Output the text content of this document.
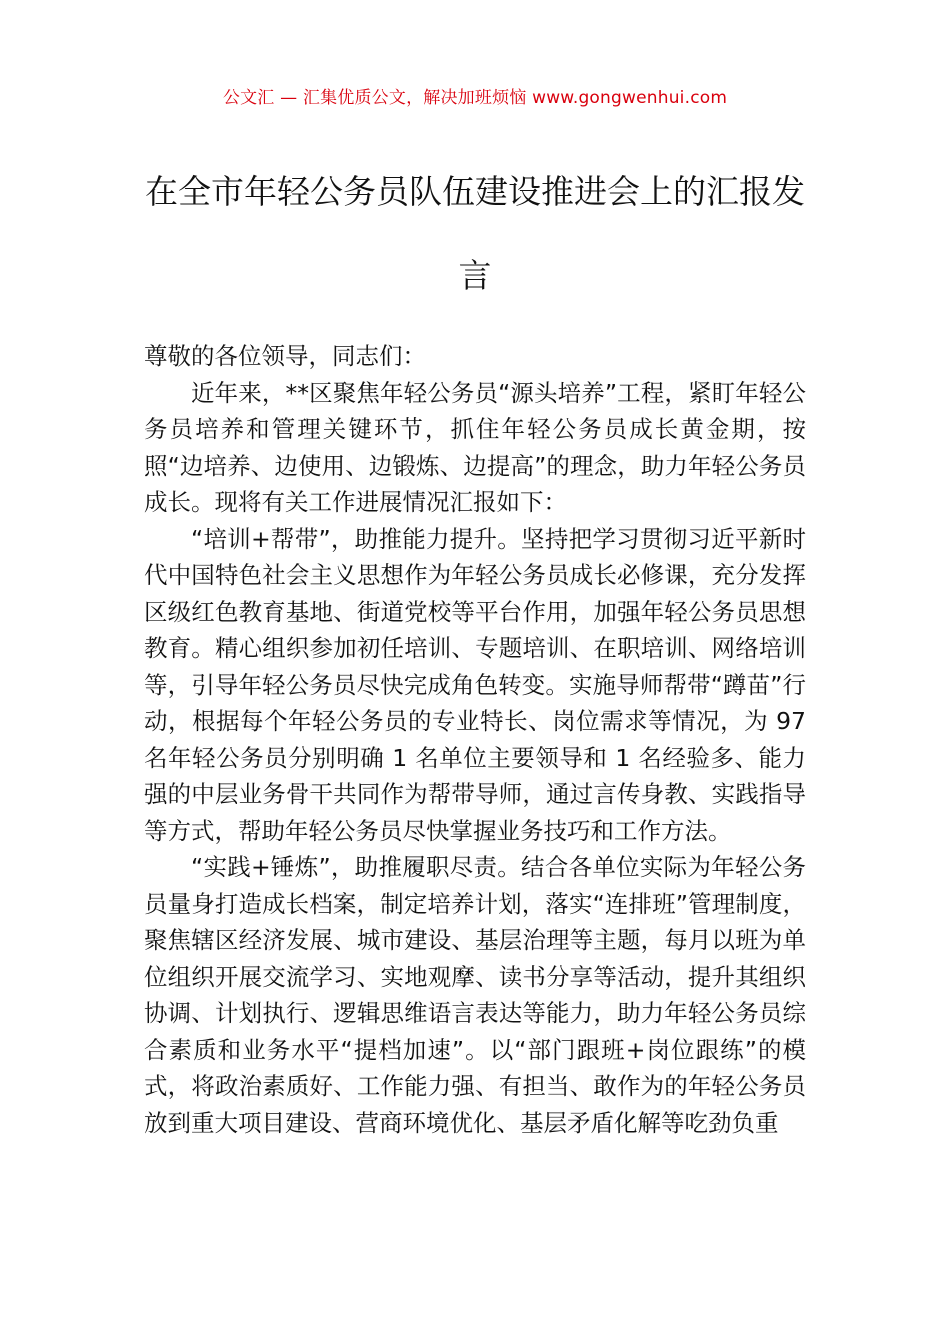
公文汇 — 汇集优质公文，解决加班烦恼 www.gongwenhui.com
在全市年轻公务员队伍建设推进会上的汇报发言

尊敬的各位领导，同志们：

近年来，**区聚焦年轻公务员“源头培养”工程，紧盯年轻公务员培养和管理关键环节，抓住年轻公务员成长黄金期，按照“边培养、边使用、边锻炼、边提高”的理念，助力年轻公务员成长。现将有关工作进展情况汇报如下：

“培训+帮带”，助推能力提升。坚持把学习贯彻习近平新时代中国特色社会主义思想作为年轻公务员成长必修课，充分发挥区级红色教育基地、街道党校等平台作用，加强年轻公务员思想教育。精心组织参加初任培训、专题培训、在职培训、网络培训等，引导年轻公务员尽快完成角色转变。实施导师帮带“蹲苗”行动，根据每个年轻公务员的专业特长、岗位需求等情况，为 97 名年轻公务员分别明确 1 名单位主要领导和 1 名经验多、能力强的中层业务骨干共同作为帮带导师，通过言传身教、实践指导等方式，帮助年轻公务员尽快掌握业务技巧和工作方法。

“实践+锤炼”，助推履职尽责。结合各单位实际为年轻公务员量身打造成长档案，制定培养计划，落实“连排班”管理制度，聚焦辖区经济发展、城市建设、基层治理等主题，每月以班为单位组织开展交流学习、实地观摩、读书分享等活动，提升其组织协调、计划执行、逻辑思维语言表达等能力，助力年轻公务员综合素质和业务水平“提档加速”。以“部门跟班+岗位跟练”的模式，将政治素质好、工作能力强、有担当、敢作为的年轻公务员放到重大项目建设、营商环境优化、基层矛盾化解等吃劲负重
